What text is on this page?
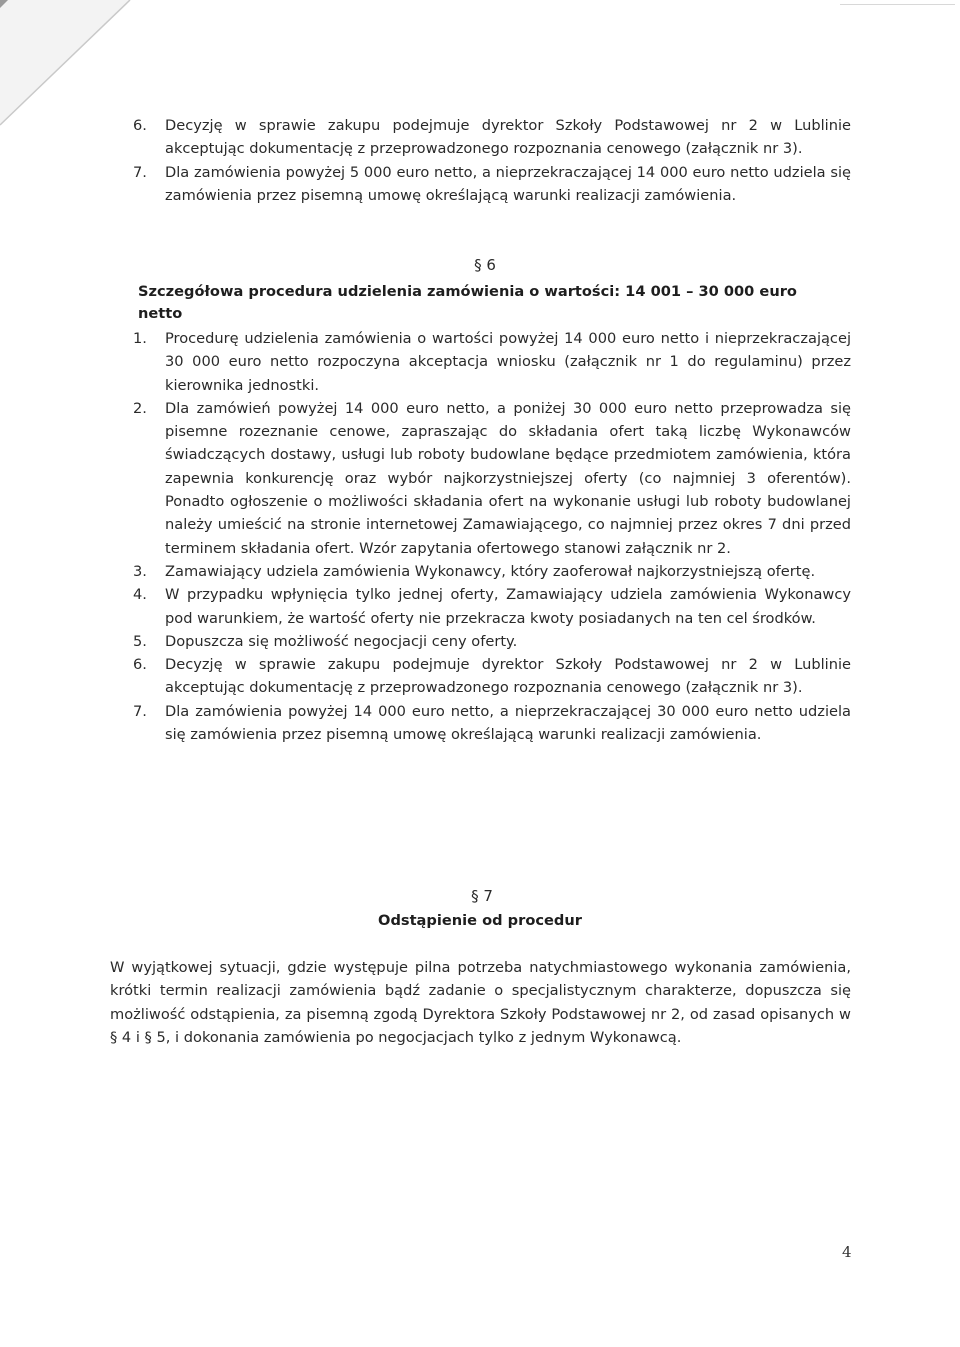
6. Decyzję w sprawie zakupu podejmuje dyrektor Szkoły Podstawowej nr 2 w Lublinie akceptując dokumentację z przeprowadzonego rozpoznania cenowego (załącznik nr 3).
7. Dla zamówienia powyżej 5 000 euro netto, a nieprzekraczającej 14 000 euro netto udziela się zamówienia przez pisemną umowę określającą warunki realizacji zamówienia.
§ 6
Szczegółowa procedura udzielenia zamówienia o wartości: 14 001 – 30 000 euro netto
1. Procedurę udzielenia zamówienia o wartości powyżej 14 000 euro netto i nieprzekraczającej 30 000 euro netto rozpoczyna akceptacja wniosku (załącznik nr 1 do regulaminu) przez kierownika jednostki.
2. Dla zamówień powyżej 14 000 euro netto, a poniżej 30 000 euro netto przeprowadza się pisemne rozeznanie cenowe, zapraszając do składania ofert taką liczbę Wykonawców świadczących dostawy, usługi lub roboty budowlane będące przedmiotem zamówienia, która zapewnia konkurencję oraz wybór najkorzystniejszej oferty (co najmniej 3 oferentów). Ponadto ogłoszenie o możliwości składania ofert na wykonanie usługi lub roboty budowlanej należy umieścić na stronie internetowej Zamawiającego, co najmniej przez okres 7 dni przed terminem składania ofert. Wzór zapytania ofertowego stanowi załącznik nr 2.
3. Zamawiający udziela zamówienia Wykonawcy, który zaoferował najkorzystniejszą ofertę.
4. W przypadku wpłynięcia tylko jednej oferty, Zamawiający udziela zamówienia Wykonawcy pod warunkiem, że wartość oferty nie przekracza kwoty posiadanych na ten cel środków.
5. Dopuszcza się możliwość negocjacji ceny oferty.
6. Decyzję w sprawie zakupu podejmuje dyrektor Szkoły Podstawowej nr 2 w Lublinie akceptując dokumentację z przeprowadzonego rozpoznania cenowego (załącznik nr 3).
7. Dla zamówienia powyżej 14 000 euro netto, a nieprzekraczającej 30 000 euro netto udziela się zamówienia przez pisemną umowę określającą warunki realizacji zamówienia.
§ 7
Odstąpienie od procedur

W wyjątkowej sytuacji, gdzie występuje pilna potrzeba natychmiastowego wykonania zamówienia, krótki termin realizacji zamówienia bądź zadanie o specjalistycznym charakterze, dopuszcza się możliwość odstąpienia, za pisemną zgodą Dyrektora Szkoły Podstawowej nr 2, od zasad opisanych w § 4 i § 5, i dokonania zamówienia po negocjacjach tylko z jednym Wykonawcą.

4
